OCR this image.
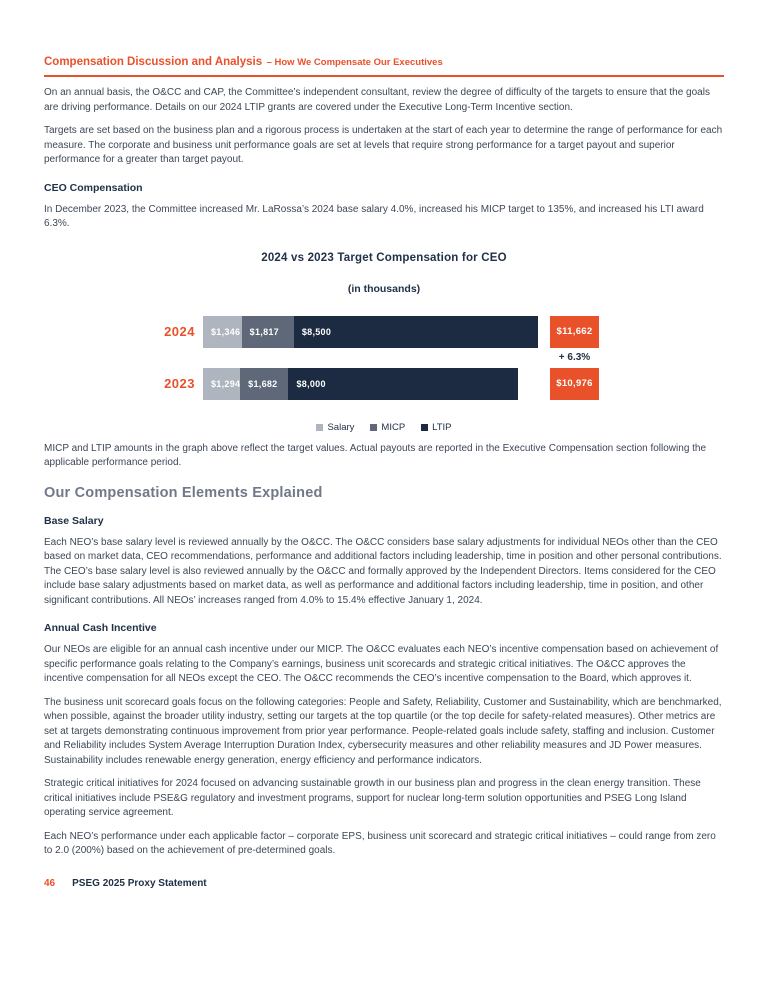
Compensation Discussion and Analysis – How We Compensate Our Executives

On an annual basis, the O&CC and CAP, the Committee’s independent consultant, review the degree of difficulty of the targets to ensure that the goals are driving performance. Details on our 2024 LTIP grants are covered under the Executive Long-Term Incentive section.

Targets are set based on the business plan and a rigorous process is undertaken at the start of each year to determine the range of performance for each measure. The corporate and business unit performance goals are set at levels that require strong performance for a target payout and superior performance for a greater than target payout.

CEO Compensation

In December 2023, the Committee increased Mr. LaRossa’s 2024 base salary 4.0%, increased his MICP target to 135%, and increased his LTI award 6.3%.

2024 vs 2023 Target Compensation for CEO
(in thousands)
2024	$1,346	$1,817	$8,500	$11,662
+ 6.3%
2023	$1,294 $1,682	$8,000	$10,976
Salary	MICP	LTIP

MICP and LTIP amounts in the graph above reflect the target values. Actual payouts are reported in the Executive Compensation section following the applicable performance period.

Our Compensation Elements Explained
Base Salary

Each NEO’s base salary level is reviewed annually by the O&CC. The O&CC considers base salary adjustments for individual NEOs other than the CEO based on market data, CEO recommendations, performance and additional factors including leadership, time in position and other personal contributions. The CEO’s base salary level is also reviewed annually by the O&CC and formally approved by the Independent Directors. Items considered for the CEO include base salary adjustments based on market data, as well as performance and additional factors including leadership, time in position, and other significant contributions. All NEOs’ increases ranged from 4.0% to 15.4% effective January 1, 2024.

Annual Cash Incentive

Our NEOs are eligible for an annual cash incentive under our MICP. The O&CC evaluates each NEO’s incentive compensation based on achievement of specific performance goals relating to the Company’s earnings, business unit scorecards and strategic critical initiatives. The O&CC approves the incentive compensation for all NEOs except the CEO. The O&CC recommends the CEO’s incentive compensation to the Board, which approves it.

The business unit scorecard goals focus on the following categories: People and Safety, Reliability, Customer and Sustainability, which are benchmarked, when possible, against the broader utility industry, setting our targets at the top quartile (or the top decile for safety-related measures). Other metrics are set at targets demonstrating continuous improvement from prior year performance. People-related goals include safety, staffing and inclusion. Customer and Reliability includes System Average Interruption Duration Index, cybersecurity measures and other reliability measures and JD Power measures. Sustainability includes renewable energy generation, energy efficiency and performance indicators.

Strategic critical initiatives for 2024 focused on advancing sustainable growth in our business plan and progress in the clean energy transition. These critical initiatives include PSE&G regulatory and investment programs, support for nuclear long-term solution opportunities and PSEG Long Island operating service agreement.

Each NEO’s performance under each applicable factor – corporate EPS, business unit scorecard and strategic critical initiatives – could range from zero to 2.0 (200%) based on the achievement of pre-determined goals.

46 PSEG 2025 Proxy Statement
